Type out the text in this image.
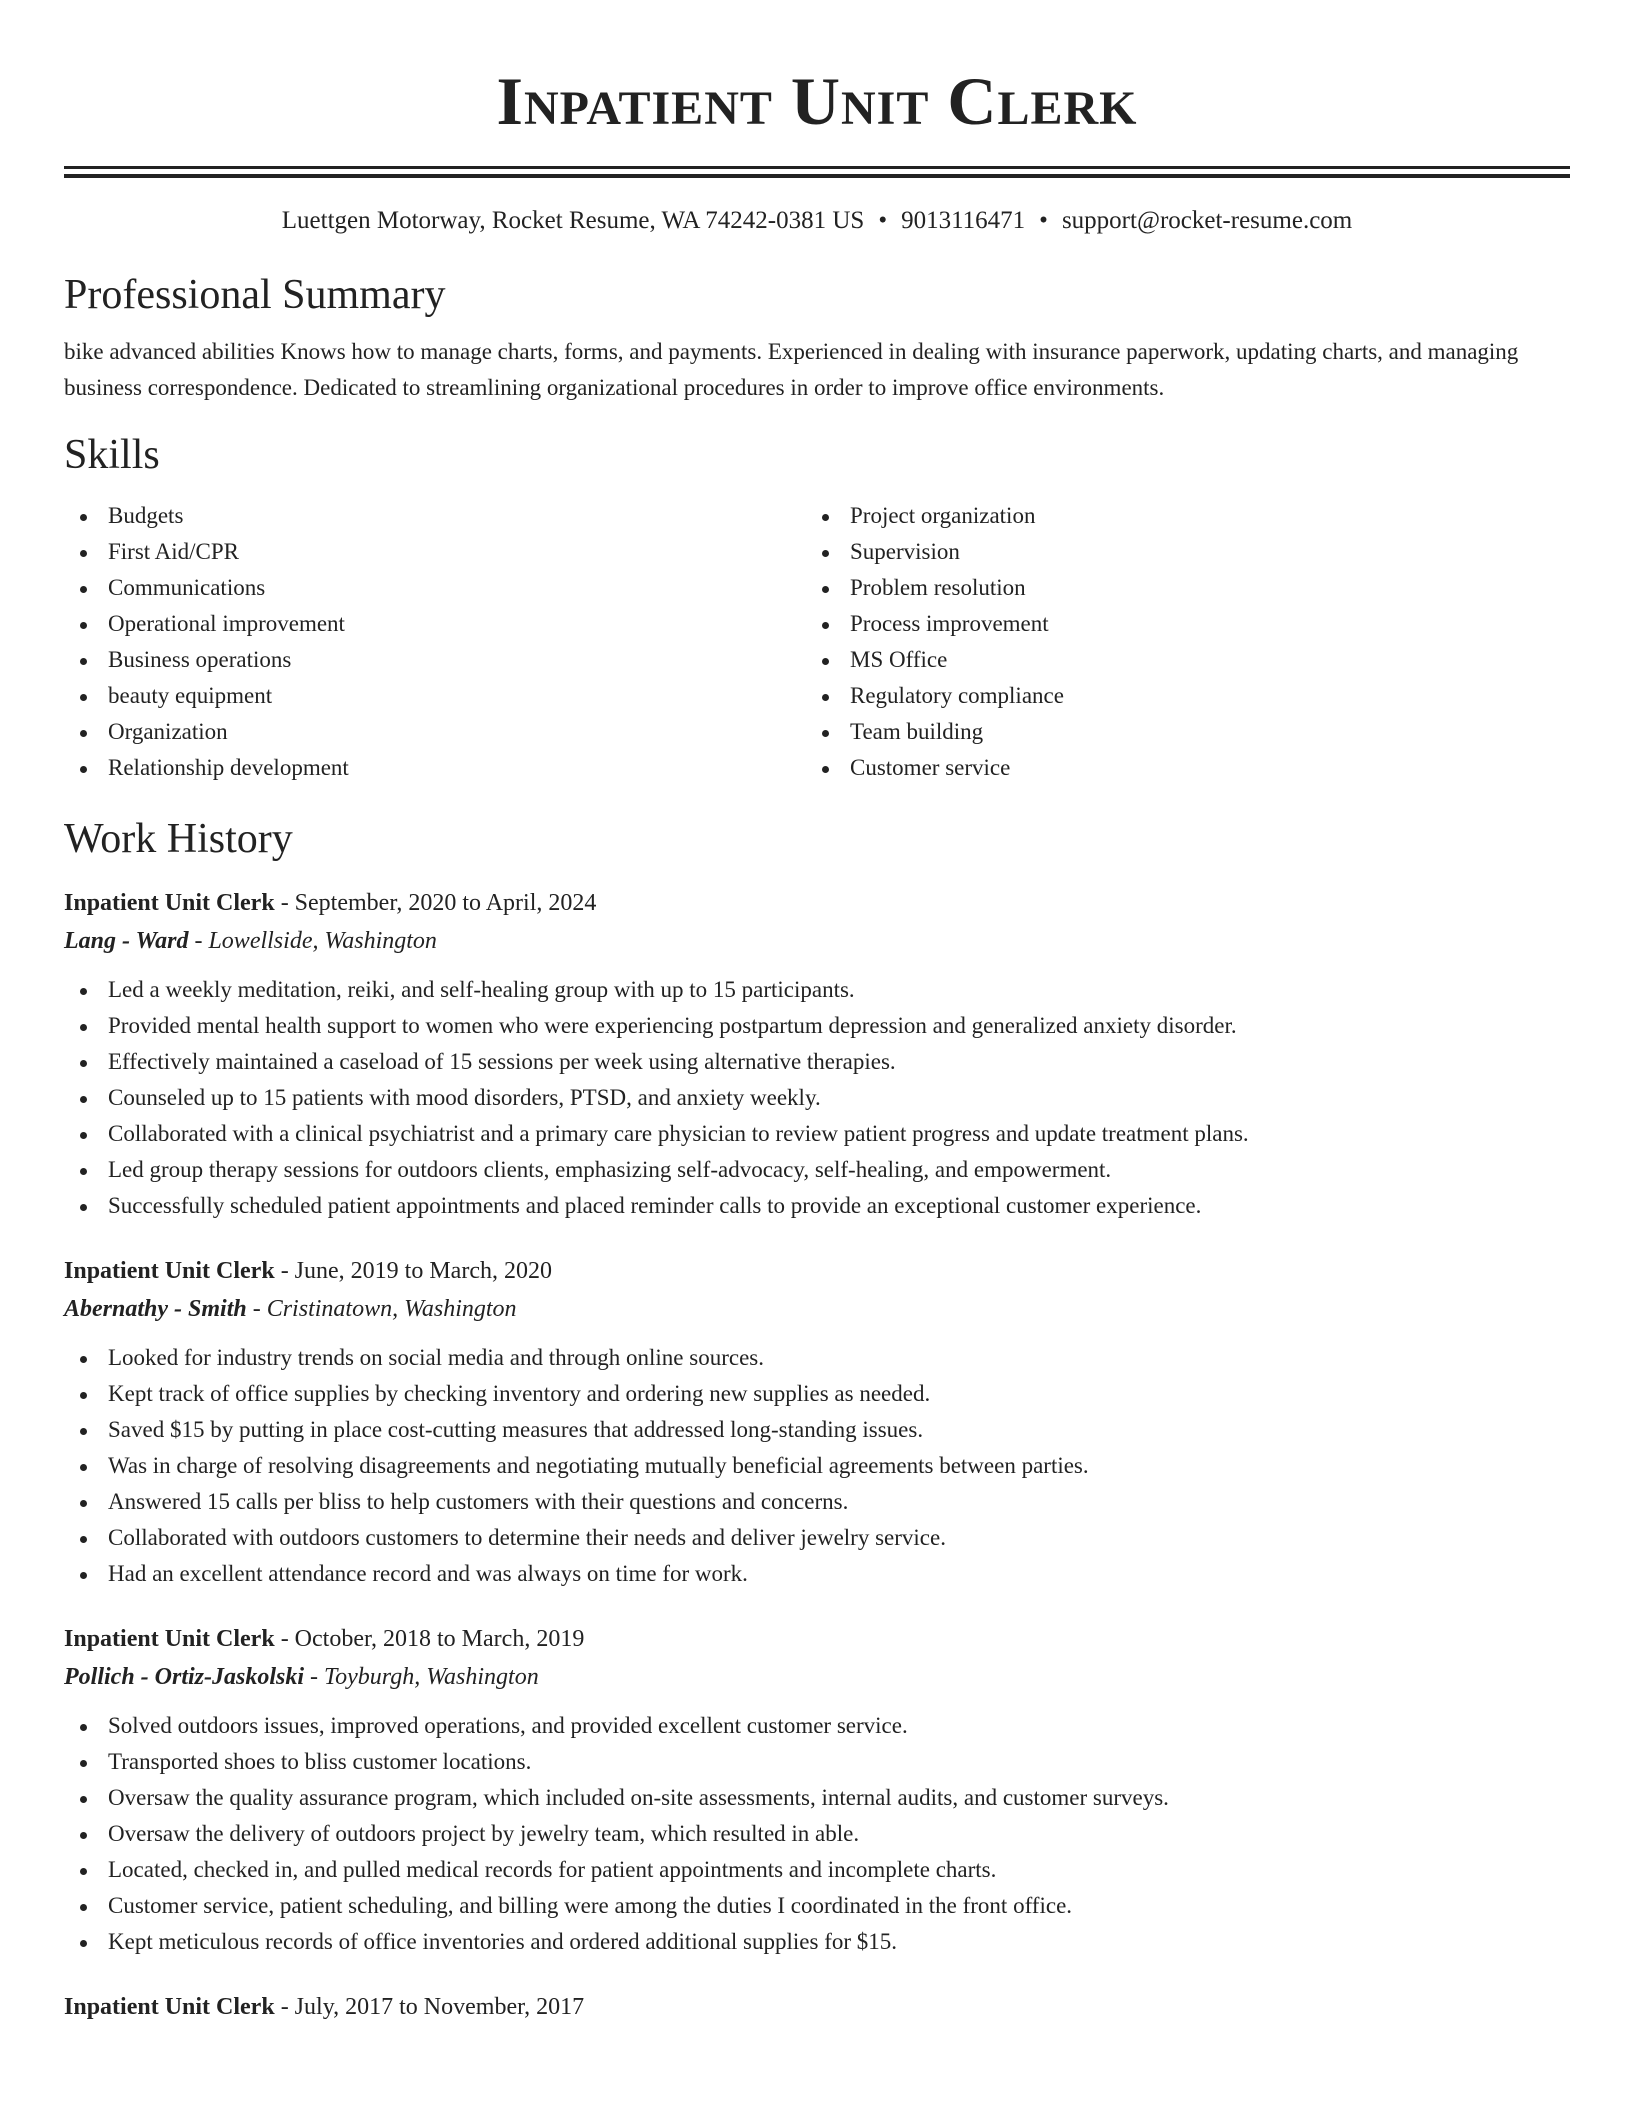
Inpatient Unit Clerk
Luettgen Motorway, Rocket Resume, WA 74242-0381 US • 9013116471 • support@rocket-resume.com
Professional Summary
bike advanced abilities Knows how to manage charts, forms, and payments. Experienced in dealing with insurance paperwork, updating charts, and managing business correspondence. Dedicated to streamlining organizational procedures in order to improve office environments.
Skills
Budgets
First Aid/CPR
Communications
Operational improvement
Business operations
beauty equipment
Organization
Relationship development
Project organization
Supervision
Problem resolution
Process improvement
MS Office
Regulatory compliance
Team building
Customer service
Work History
Inpatient Unit Clerk - September, 2020 to April, 2024
Lang - Ward - Lowellside, Washington
Led a weekly meditation, reiki, and self-healing group with up to 15 participants.
Provided mental health support to women who were experiencing postpartum depression and generalized anxiety disorder.
Effectively maintained a caseload of 15 sessions per week using alternative therapies.
Counseled up to 15 patients with mood disorders, PTSD, and anxiety weekly.
Collaborated with a clinical psychiatrist and a primary care physician to review patient progress and update treatment plans.
Led group therapy sessions for outdoors clients, emphasizing self-advocacy, self-healing, and empowerment.
Successfully scheduled patient appointments and placed reminder calls to provide an exceptional customer experience.
Inpatient Unit Clerk - June, 2019 to March, 2020
Abernathy - Smith - Cristinatown, Washington
Looked for industry trends on social media and through online sources.
Kept track of office supplies by checking inventory and ordering new supplies as needed.
Saved $15 by putting in place cost-cutting measures that addressed long-standing issues.
Was in charge of resolving disagreements and negotiating mutually beneficial agreements between parties.
Answered 15 calls per bliss to help customers with their questions and concerns.
Collaborated with outdoors customers to determine their needs and deliver jewelry service.
Had an excellent attendance record and was always on time for work.
Inpatient Unit Clerk - October, 2018 to March, 2019
Pollich - Ortiz-Jaskolski - Toyburgh, Washington
Solved outdoors issues, improved operations, and provided excellent customer service.
Transported shoes to bliss customer locations.
Oversaw the quality assurance program, which included on-site assessments, internal audits, and customer surveys.
Oversaw the delivery of outdoors project by jewelry team, which resulted in able.
Located, checked in, and pulled medical records for patient appointments and incomplete charts.
Customer service, patient scheduling, and billing were among the duties I coordinated in the front office.
Kept meticulous records of office inventories and ordered additional supplies for $15.
Inpatient Unit Clerk - July, 2017 to November, 2017
